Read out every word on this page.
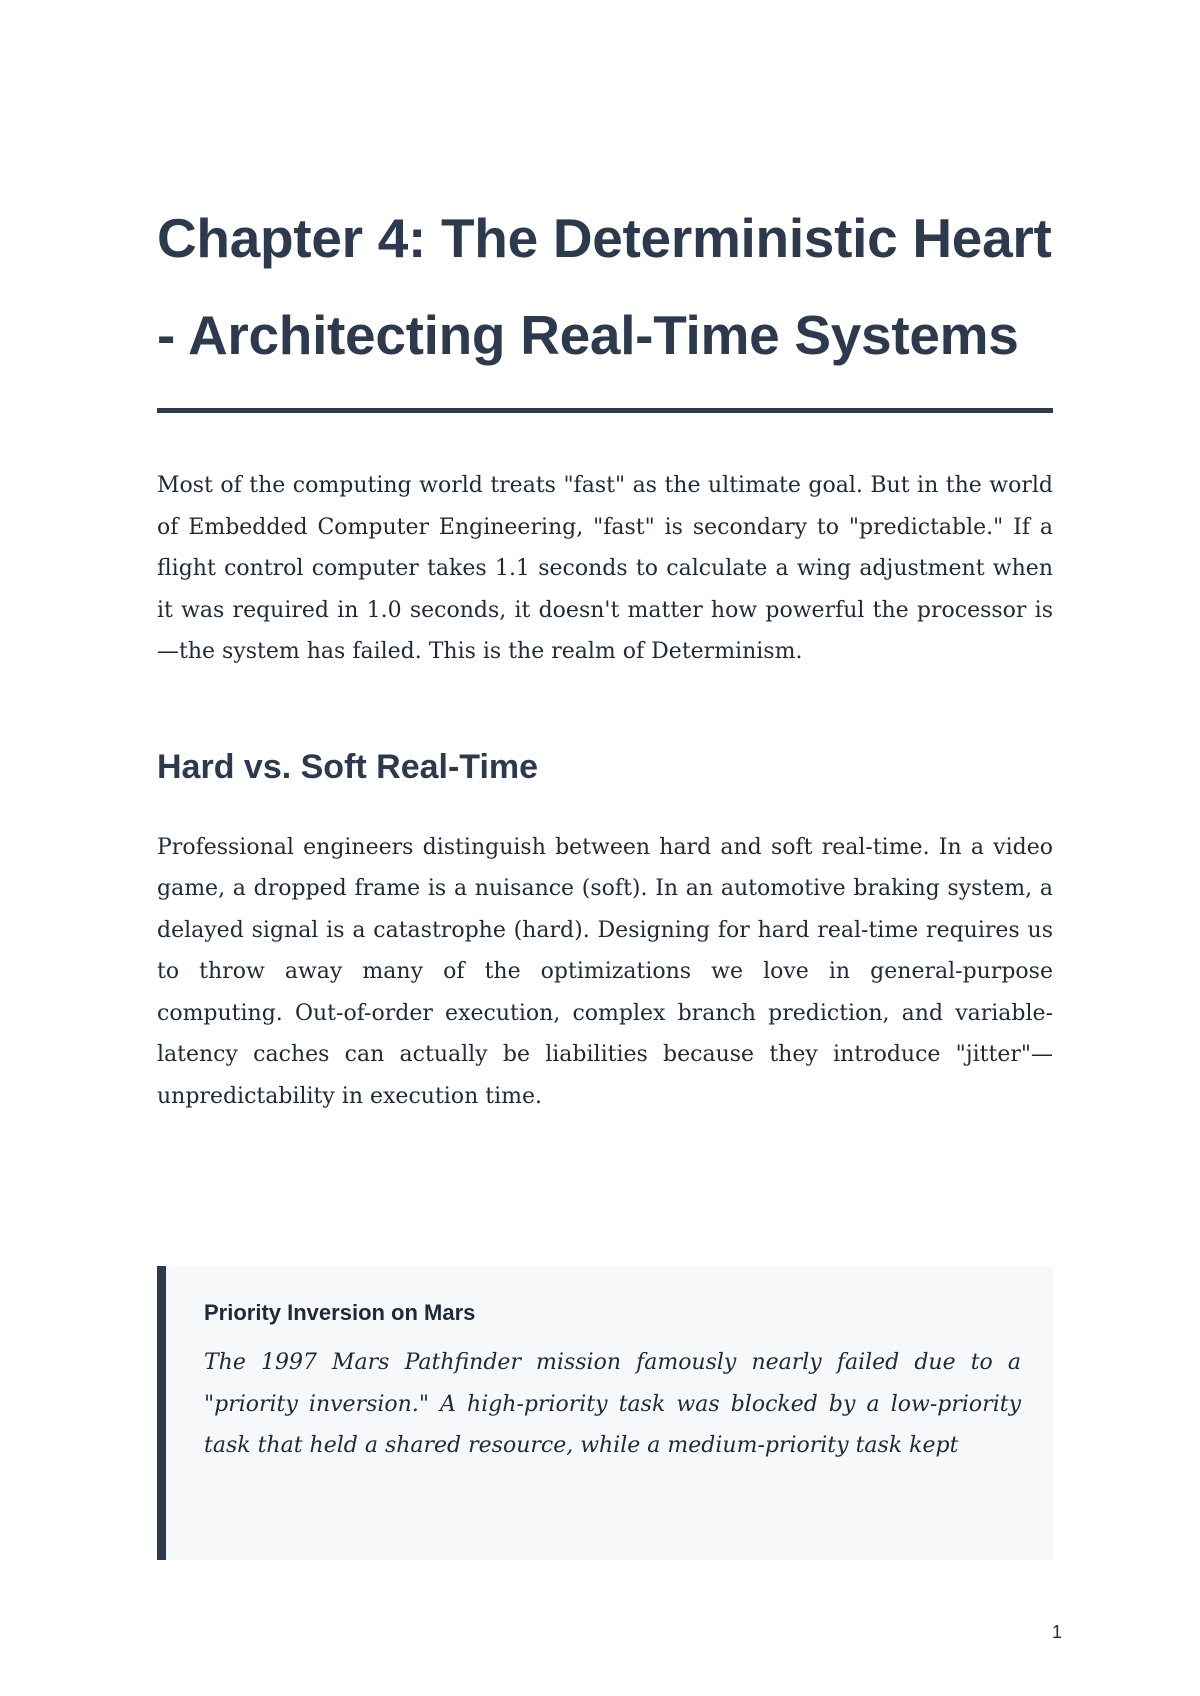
Chapter 4: The Deterministic Heart - Architecting Real-Time Systems

Most of the computing world treats "fast" as the ultimate goal. But in the world of Embedded Computer Engineering, "fast" is secondary to "predictable." If a flight control computer takes 1.1 seconds to calculate a wing adjustment when it was required in 1.0 seconds, it doesn't matter how powerful the processor is—the system has failed. This is the realm of Determinism.

Hard vs. Soft Real-Time

Professional engineers distinguish between hard and soft real-time. In a video game, a dropped frame is a nuisance (soft). In an automotive braking system, a delayed signal is a catastrophe (hard). Designing for hard real-time requires us to throw away many of the optimizations we love in general-purpose computing. Out-of-order execution, complex branch prediction, and variable-latency caches can actually be liabilities because they introduce "jitter"—unpredictability in execution time.

Priority Inversion on Mars

The 1997 Mars Pathfinder mission famously nearly failed due to a "priority inversion." A high-priority task was blocked by a low-priority task that held a shared resource, while a medium-priority task kept

1
